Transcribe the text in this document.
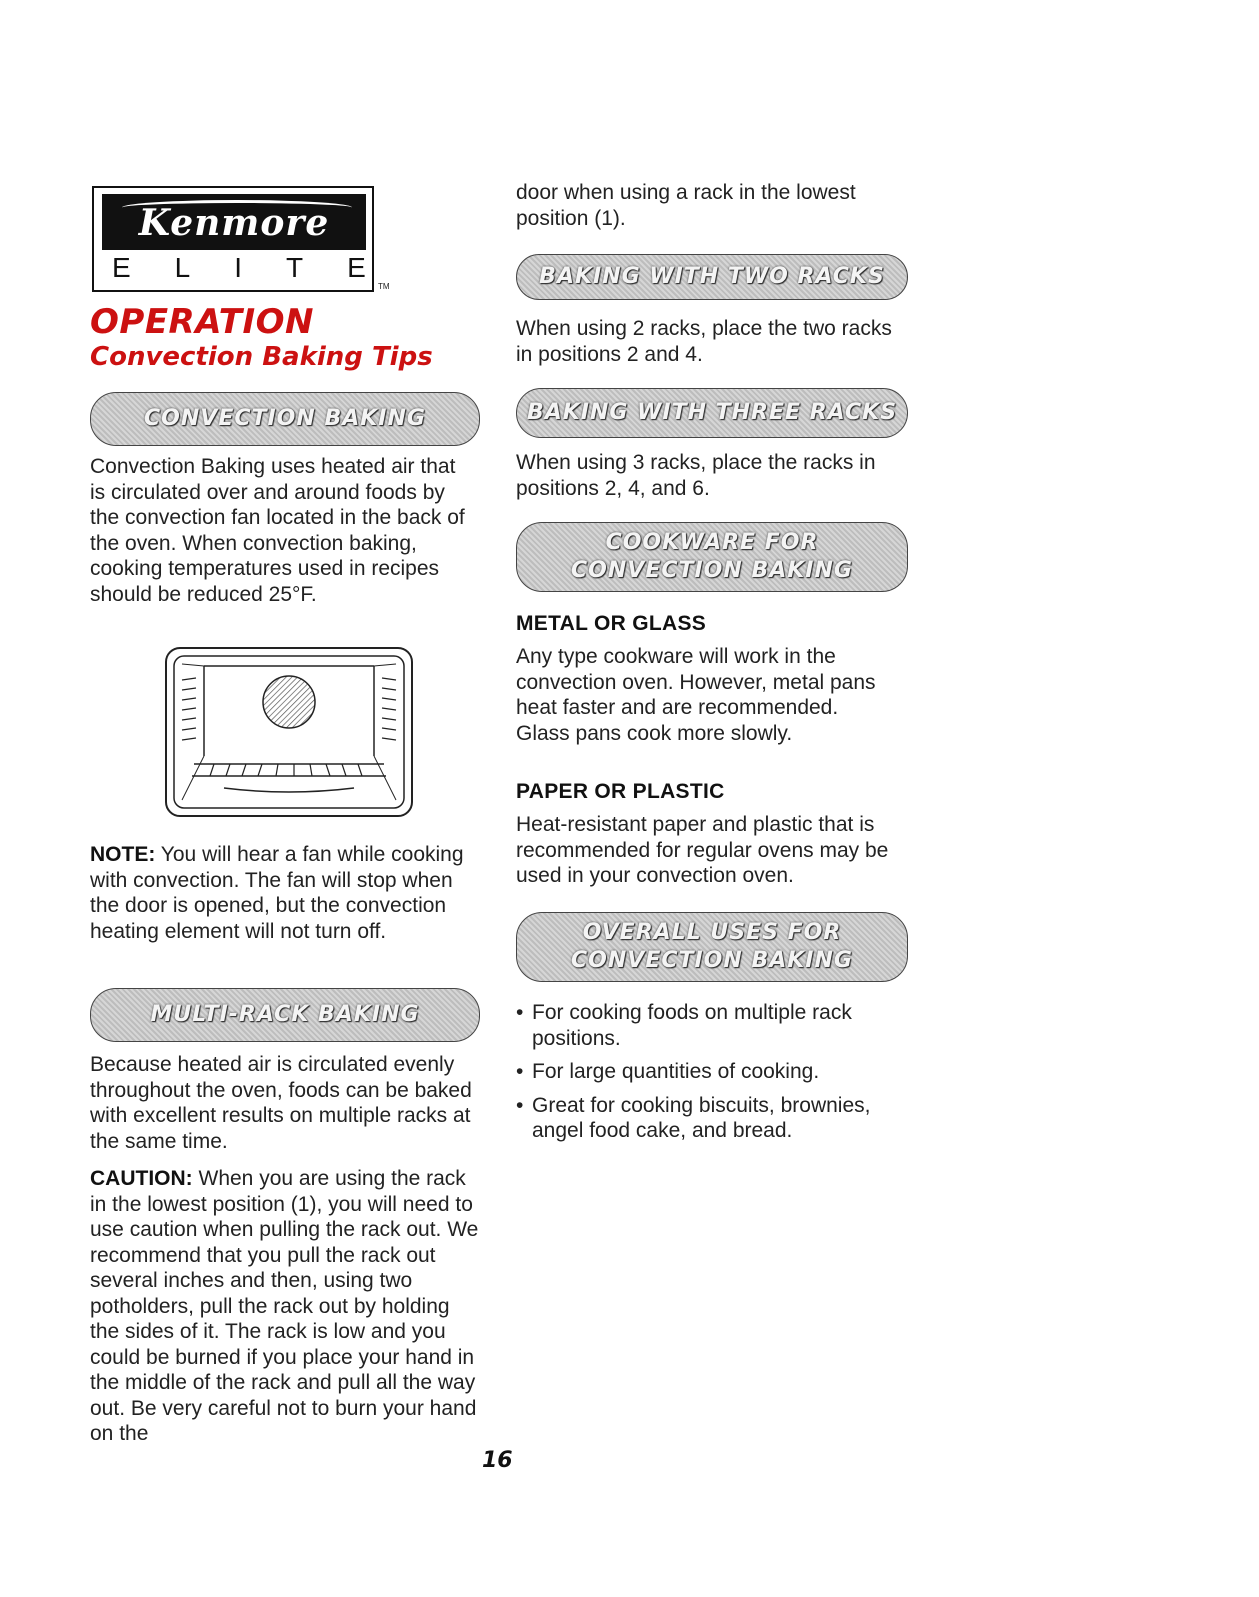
Kenmore
ELITE
TM
OPERATION
Convection Baking Tips
CONVECTION BAKING
Convection Baking uses heated air that is circulated over and around foods by the convection fan located in the back of the oven. When convection baking, cooking temperatures used in recipes should be reduced 25°F.
NOTE: You will hear a fan while cooking with convection. The fan will stop when the door is opened, but the convection heating element will not turn off.
MULTI-RACK BAKING
Because heated air is circulated evenly throughout the oven, foods can be baked with excellent results on multiple racks at the same time.
CAUTION: When you are using the rack in the lowest position (1), you will need to use caution when pulling the rack out. We recommend that you pull the rack out several inches and then, using two potholders, pull the rack out by holding the sides of it. The rack is low and you could be burned if you place your hand in the middle of the rack and pull all the way out. Be very careful not to burn your hand on the
door when using a rack in the lowest position (1).
BAKING WITH TWO RACKS
When using 2 racks, place the two racks in positions 2 and 4.
BAKING WITH THREE RACKS
When using 3 racks, place the racks in positions 2, 4, and 6.
COOKWARE FOR
CONVECTION BAKING
METAL OR GLASS
Any type cookware will work in the convection oven. However, metal pans heat faster and are recommended. Glass pans cook more slowly.
PAPER OR PLASTIC
Heat-resistant paper and plastic that is recommended for regular ovens may be used in your convection oven.
OVERALL USES FOR
CONVECTION BAKING
• For cooking foods on multiple rack positions.
• For large quantities of cooking.
• Great for cooking biscuits, brownies, angel food cake, and bread.
16
